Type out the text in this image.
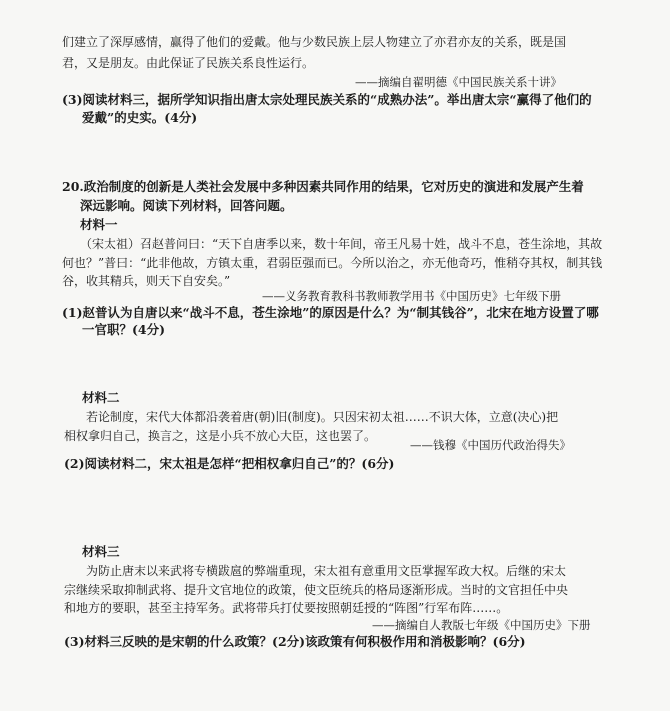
们建立了深厚感情，赢得了他们的爱戴。他与少数民族上层人物建立了亦君亦友的关系，既是国
君，又是朋友。由此保证了民族关系良性运行。
——摘编自翟明德《中国民族关系十讲》
(3)阅读材料三，据所学知识指出唐太宗处理民族关系的“成熟办法”。举出唐太宗“赢得了他们的
爱戴”的史实。(4分)
20.政治制度的创新是人类社会发展中多种因素共同作用的结果，它对历史的演进和发展产生着
深远影响。阅读下列材料，回答问题。
材料一
（宋太祖）召赵普问曰：“天下自唐季以来，数十年间，帝王凡易十姓，战斗不息，苍生涂地，其故
何也？”普曰：“此非他故，方镇太重，君弱臣强而已。今所以治之，亦无他奇巧，惟稍夺其权，制其钱
谷，收其精兵，则天下自安矣。”
——义务教育教科书教师教学用书《中国历史》七年级下册
(1)赵普认为自唐以来“战斗不息，苍生涂地”的原因是什么？为“制其钱谷”，北宋在地方设置了哪
一官职？(4分)
材料二
若论制度，宋代大体都沿袭着唐(朝)旧(制度)。只因宋初太祖……不识大体，立意(决心)把
相权拿归自己，换言之，这是小兵不放心大臣，这也罢了。
——钱穆《中国历代政治得失》
(2)阅读材料二，宋太祖是怎样“把相权拿归自己”的？(6分)
材料三
为防止唐末以来武将专横跋扈的弊端重现，宋太祖有意重用文臣掌握军政大权。后继的宋太
宗继续采取抑制武将、提升文官地位的政策，使文臣统兵的格局逐渐形成。当时的文官担任中央
和地方的要职，甚至主持军务。武将带兵打仗要按照朝廷授的“阵图”行军布阵……。
——摘编自人教版七年级《中国历史》下册
(3)材料三反映的是宋朝的什么政策？(2分)该政策有何积极作用和消极影响？(6分)
